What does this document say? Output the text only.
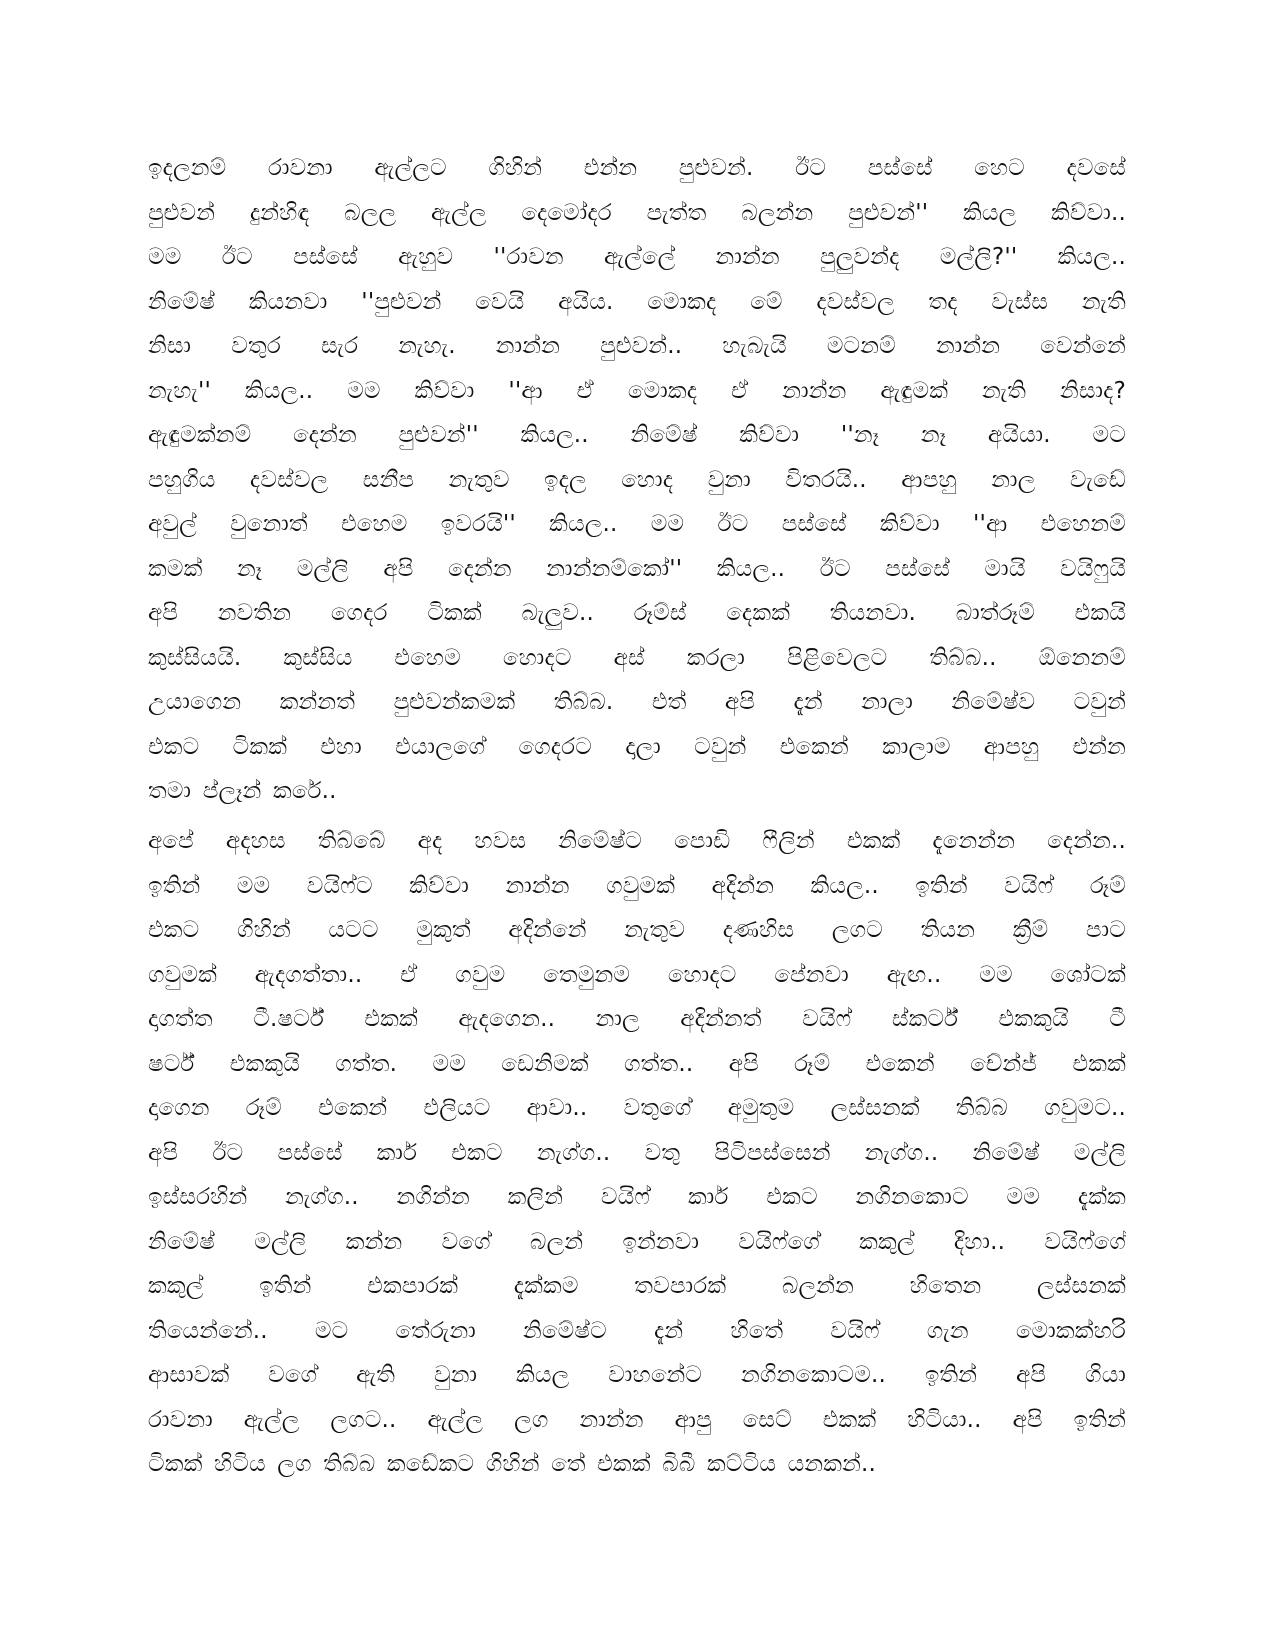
ඉදලනම් රාවනා ඇල්ලට ගිහින් එන්න පුළුවන්. ඊට පස්සේ හෙට දවසේ
පුළුවන් දුන්හිඳ බලල ඇල්ල දෙමෝදර පැත්ත බලන්න පුළුවන්'' කියල කිව්වා..
මම ඊට පස්සේ ඇහුව ''රාවන ඇල්ලේ නාන්න පුලුවන්ද මල්ලි?'' කියල..
නිමේෂ් කියනවා ''පුළුවන් වෙයි අයිය. මොකද මේ දවස්වල තද වැස්ස නැති
නිසා වතුර සැර නැහැ. නාන්න පුළුවන්.. හැබැයි මටනම් නාන්න වෙන්නේ
නැහැ'' කියල.. මම කිව්වා ''ආ ඒ මොකද ඒ නාන්න ඇඳුමක් නැති නිසාද?
ඇඳුමක්නම් දෙන්න පුළුවන්'' කියල.. නිමේෂ් කිව්වා ''නෑ නෑ අයියා. මට
පහුගිය දවස්වල සනීප නැතුව ඉදල හොද වුනා විතරයි.. ආපහු නාල වැඩේ
අවුල් වුනොත් එහෙම ඉවරයි'' කියල.. මම ඊට පස්සේ කිව්වා ''ආ එහෙනම්
කමක් නෑ මල්ලි අපි දෙන්න නාන්නම්කෝ'' කියල.. ඊට පස්සේ මායි වයිෆුයි
අපි නවතින ගෙදර ටිකක් බැලුව.. රූම්ස් දෙකක් තියනවා. බාත්රූම් එකයි
කුස්සියයි. කුස්සිය එහෙම හොදට අස් කරලා පිළිවෙලට තිබ්බ.. ඕනෙනම්
උයාගෙන කන්නත් පුළුවන්කමක් තිබ්බ. එත් අපි දැන් නාලා නිමේෂ්ව ටවුන්
එකට ටිකක් එහා එයාලගේ ගෙදරට දාලා ටවුන් එකෙන් කාලාම ආපහු එන්න
තමා ප්ලෑන් කරේ..
අපේ අදහස තිබ්බේ අද හවස නිමේෂ්ට පොඩි ෆීලින් එකක් දැනෙන්න දෙන්න..
ඉතින් මම වයිෆ්ට කිව්වා නාන්න ගවුමක් අදින්න කියල.. ඉතින් වයිෆ් රූම්
එකට ගිහින් යටට මුකුත් අදින්නේ නැතුව දණහිස ලගට තියන ක්‍රීම් පාට
ගවුමක් ඇදගත්තා.. ඒ ගවුම තෙමුනම හොදට පේනවා ඇඟ.. මම ශෝටක්
දාගත්ත ටී.ෂර්ට් එකක් ඇදගෙන.. නාල අදින්නත් වයිෆ් ස්කර්ට් එකකුයි ටී
ෂර්ට් එකකුයි ගත්ත. මම ඩෙනිමක් ගත්ත.. අපි රූම් එකෙන් චේන්ජ් එකක්
දාගෙන රූම් එකෙන් එලියට ආවා.. වතුගේ අමුතුම ලස්සනක් තිබ්බ ගවුමට..
අපි ඊට පස්සේ කාර් එකට නැග්ග.. වතු පිටිපස්සෙන් නැග්ග.. නිමේෂ් මල්ලි
ඉස්සරහින් නැග්ග.. නගින්න කලින් වයිෆ් කාර් එකට නගිනකොට මම දැක්ක
නිමේෂ් මල්ලි කන්න වගේ බලන් ඉන්නවා වයිෆ්ගේ කකුල් දිහා.. වයිෆ්ගේ
කකුල් ඉතින් එකපාරක් දැක්කම තවපාරක් බලන්න හිතෙන ලස්සනක්
තියෙන්නේ.. මට තේරුනා නිමේෂ්ට දැන් හිතේ වයිෆ් ගැන මොකක්හරි
ආසාවක් වගේ ඇති වුනා කියල වාහනේට නගිනකොටම.. ඉතින් අපි ගියා
රාවනා ඇල්ල ලගට.. ඇල්ල ලග නාන්න ආපු සෙට් එකක් හිටියා.. අපි ඉතින්
ටිකක් හිටිය ලග තිබ්බ කඩේකට ගිහින් තේ එකක් බිබී කට්ටිය යනකන්..
